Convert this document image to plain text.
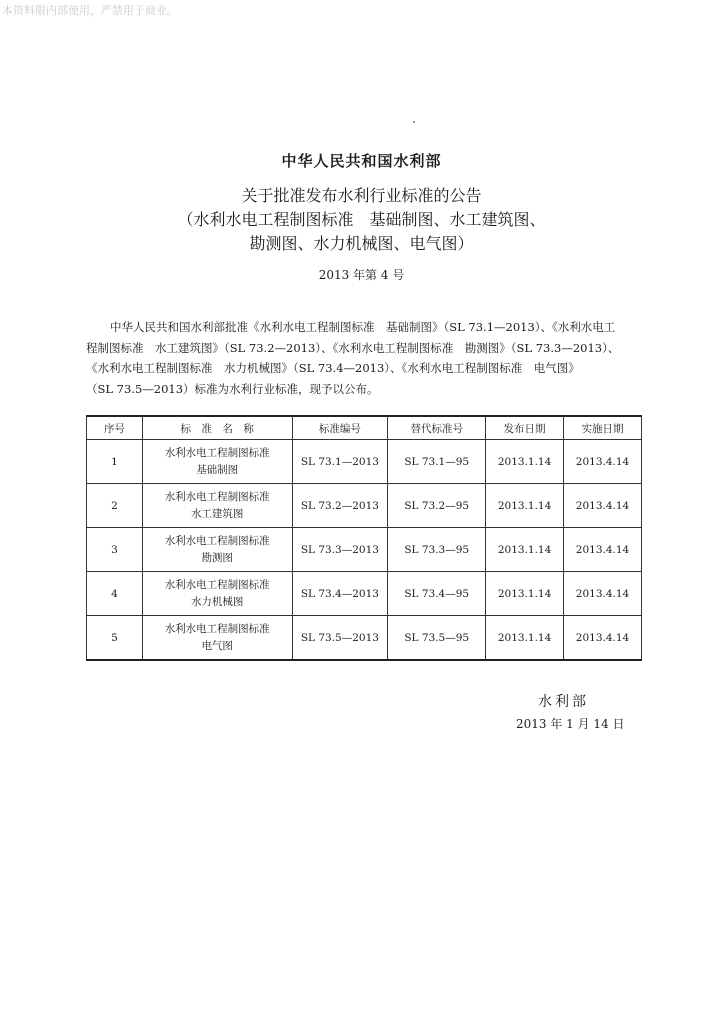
本资料限内部使用，严禁用于商业。
中华人民共和国水利部
关于批准发布水利行业标准的公告
（水利水电工程制图标准　基础制图、水工建筑图、
勘测图、水力机械图、电气图）
2013 年第 4 号
中华人民共和国水利部批准《水利水电工程制图标准　基础制图》（SL 73.1—2013）、《水利水电工
程制图标准　水工建筑图》（SL 73.2—2013）、《水利水电工程制图标准　勘测图》（SL 73.3—2013）、
《水利水电工程制图标准　水力机械图》（SL 73.4—2013）、《水利水电工程制图标准　电气图》
（SL 73.5—2013）标准为水利行业标准，现予以公布。
序号	标　准　名　称	标准编号	替代标准号	发布日期	实施日期
1	水利水电工程制图标准
基础制图	SL 73.1—2013	SL 73.1—95	2013.1.14	2013.4.14
2	水利水电工程制图标准
水工建筑图	SL 73.2—2013	SL 73.2—95	2013.1.14	2013.4.14
3	水利水电工程制图标准
勘测图	SL 73.3—2013	SL 73.3—95	2013.1.14	2013.4.14
4	水利水电工程制图标准
水力机械图	SL 73.4—2013	SL 73.4—95	2013.1.14	2013.4.14
5	水利水电工程制图标准
电气图	SL 73.5—2013	SL 73.5—95	2013.1.14	2013.4.14
水利部
2013 年 1 月 14 日
